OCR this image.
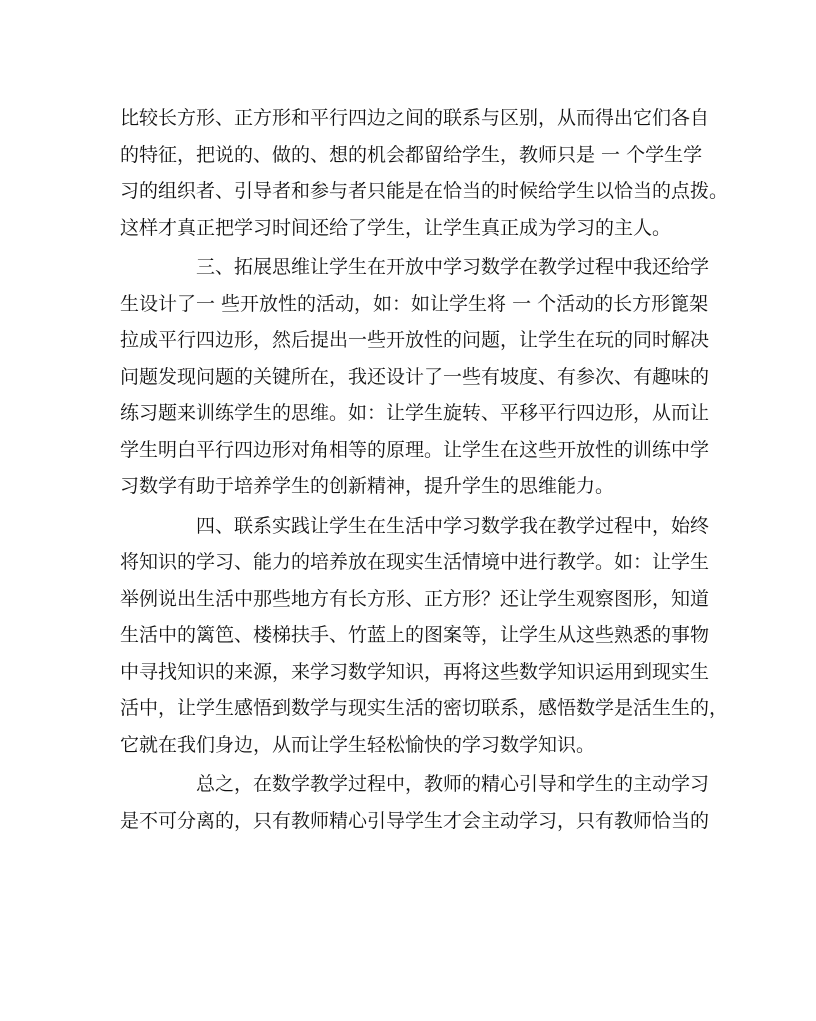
比较长方形、正方形和平行四边之间的联系与区别，从而得出它们各自
的特征，把说的、做的、想的机会都留给学生，教师只是 一 个学生学
习的组织者、引导者和参与者只能是在恰当的时候给学生以恰当的点拨。
这样才真正把学习时间还给了学生，让学生真正成为学习的主人。
三、拓展思维让学生在开放中学习数学在教学过程中我还给学
生设计了一 些开放性的活动，如：如让学生将 一 个活动的长方形篦架
拉成平行四边形，然后提出一些开放性的问题，让学生在玩的同时解决
问题发现问题的关键所在，我还设计了一些有坡度、有参次、有趣味的
练习题来训练学生的思维。如：让学生旋转、平移平行四边形，从而让
学生明白平行四边形对角相等的原理。让学生在这些开放性的训练中学
习数学有助于培养学生的创新精神，提升学生的思维能力。
四、联系实践让学生在生活中学习数学我在教学过程中，始终
将知识的学习、能力的培养放在现实生活情境中进行教学。如：让学生
举例说出生活中那些地方有长方形、正方形？还让学生观察图形，知道
生活中的篱笆、楼梯扶手、竹蓝上的图案等，让学生从这些熟悉的事物
中寻找知识的来源，来学习数学知识，再将这些数学知识运用到现实生
活中，让学生感悟到数学与现实生活的密切联系，感悟数学是活生生的，
它就在我们身边，从而让学生轻松愉快的学习数学知识。
总之，在数学教学过程中，教师的精心引导和学生的主动学习
是不可分离的，只有教师精心引导学生才会主动学习，只有教师恰当的
